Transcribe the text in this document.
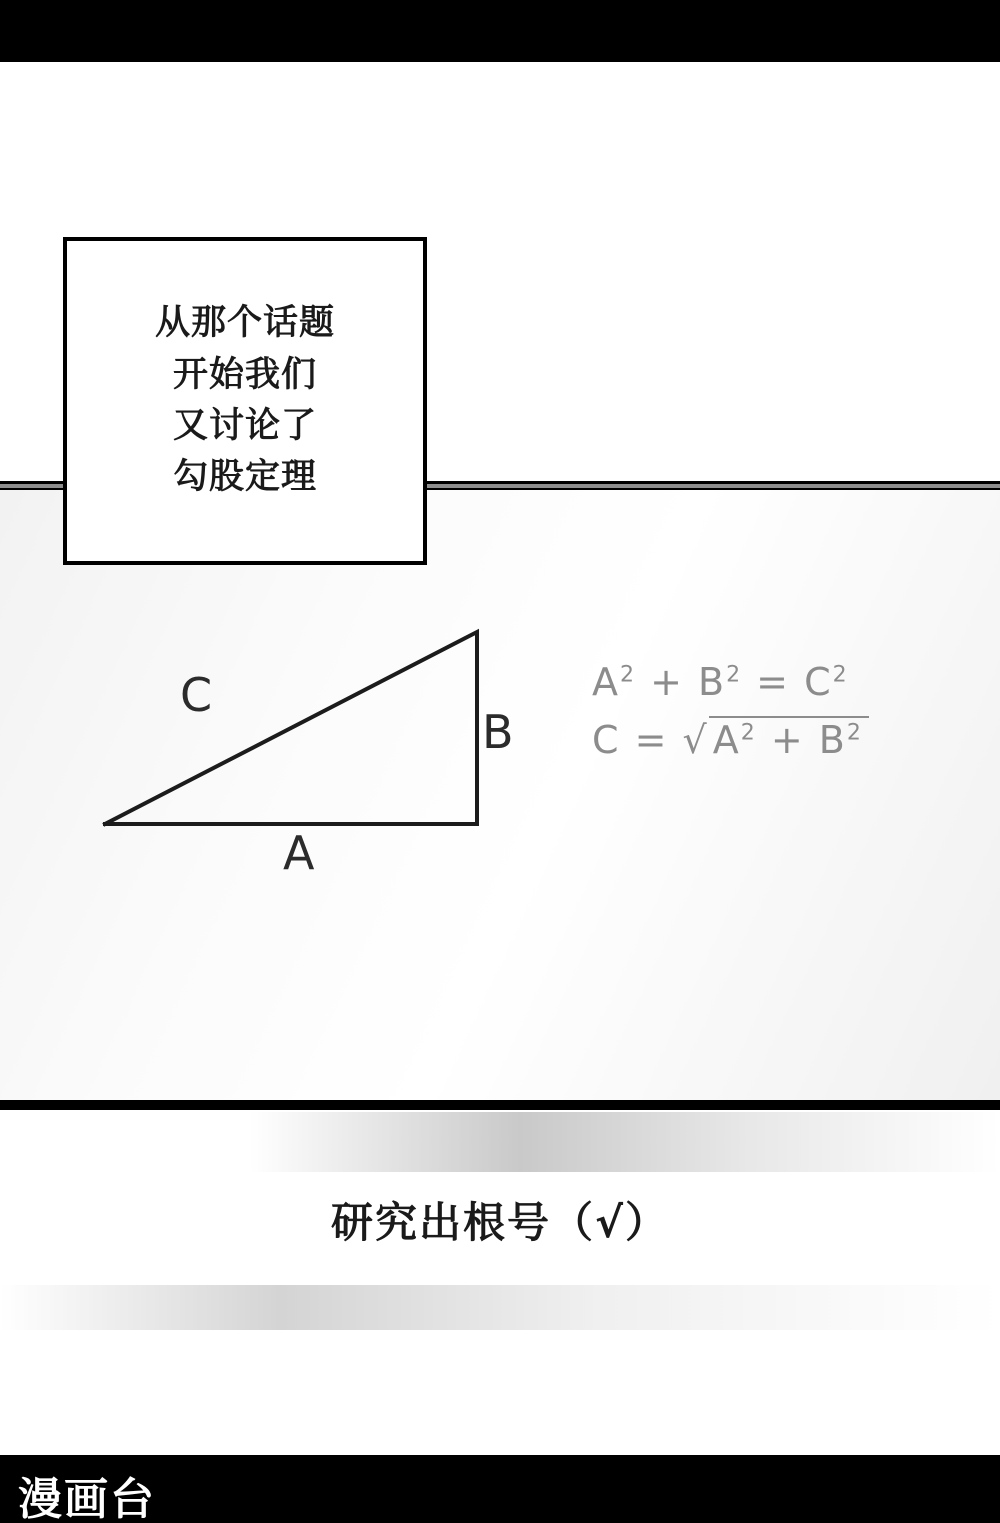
C
B
A
$A^2 + B^2 = C^2$
C = √ $A^2 + B^2$
研究出根号（√）
从那个话题
开始我们
又讨论了
勾股定理
漫画台
